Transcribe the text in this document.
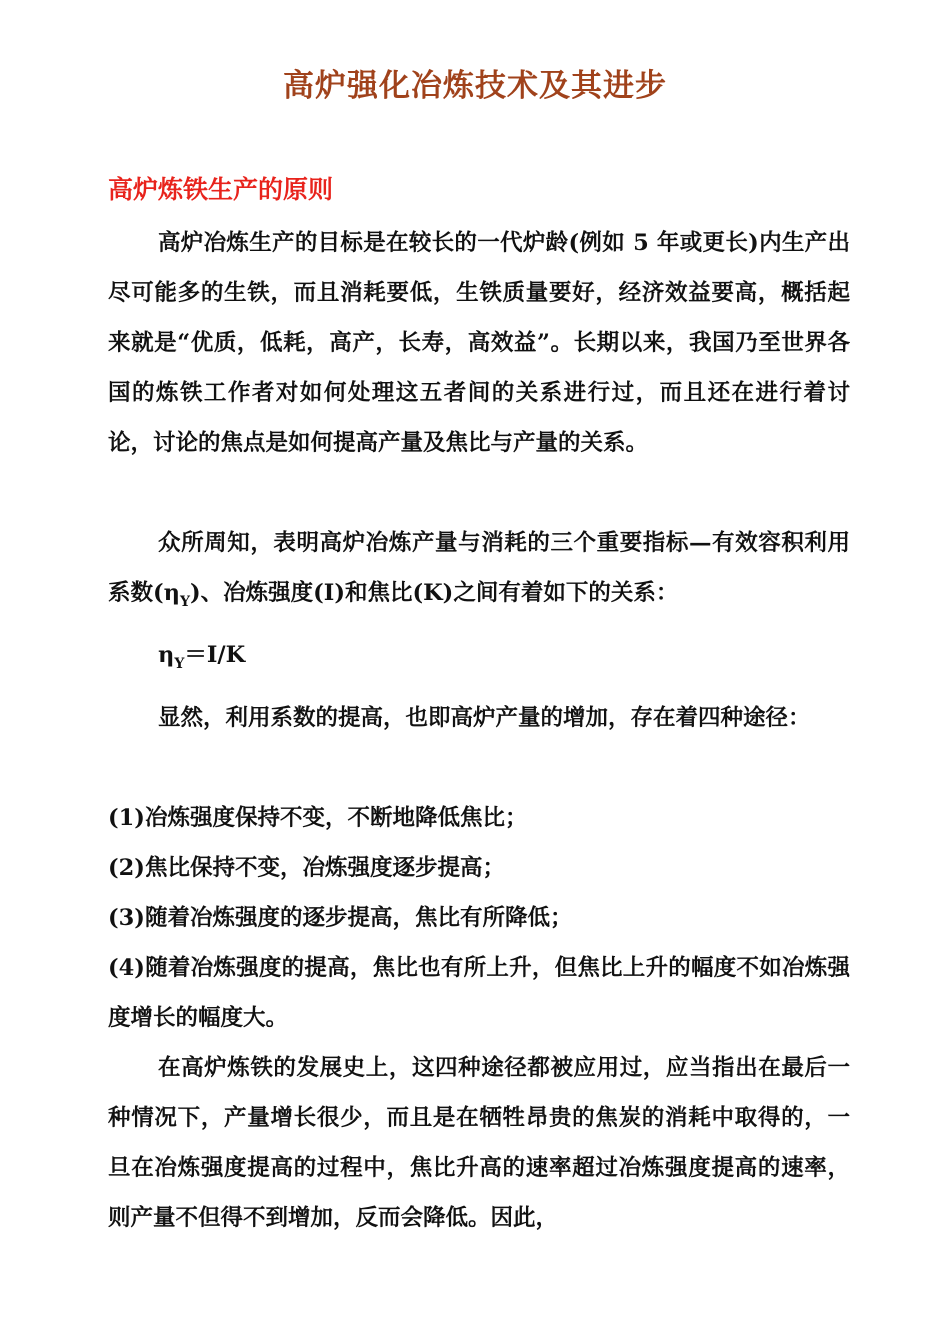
高炉强化冶炼技术及其进步
高炉炼铁生产的原则
高炉冶炼生产的目标是在较长的一代炉龄(例如 5 年或更长)内生产出尽可能多的生铁，而且消耗要低，生铁质量要好，经济效益要高，概括起来就是“优质，低耗，高产，长寿，高效益”。长期以来，我国乃至世界各国的炼铁工作者对如何处理这五者间的关系进行过，而且还在进行着讨论，讨论的焦点是如何提高产量及焦比与产量的关系。
众所周知，表明高炉冶炼产量与消耗的三个重要指标—有效容积利用系数$(\eta_Y)$、冶炼强度(I)和焦比(K)之间有着如下的关系：
$\eta_Y=I/K$
显然，利用系数的提高，也即高炉产量的增加，存在着四种途径：
(1)冶炼强度保持不变，不断地降低焦比；
(2)焦比保持不变，冶炼强度逐步提高；
(3)随着冶炼强度的逐步提高，焦比有所降低；
(4)随着冶炼强度的提高，焦比也有所上升，但焦比上升的幅度不如冶炼强度增长的幅度大。
在高炉炼铁的发展史上，这四种途径都被应用过，应当指出在最后一种情况下，产量增长很少，而且是在牺牲昂贵的焦炭的消耗中取得的，一旦在冶炼强度提高的过程中，焦比升高的速率超过冶炼强度提高的速率，则产量不但得不到增加，反而会降低。因此，
